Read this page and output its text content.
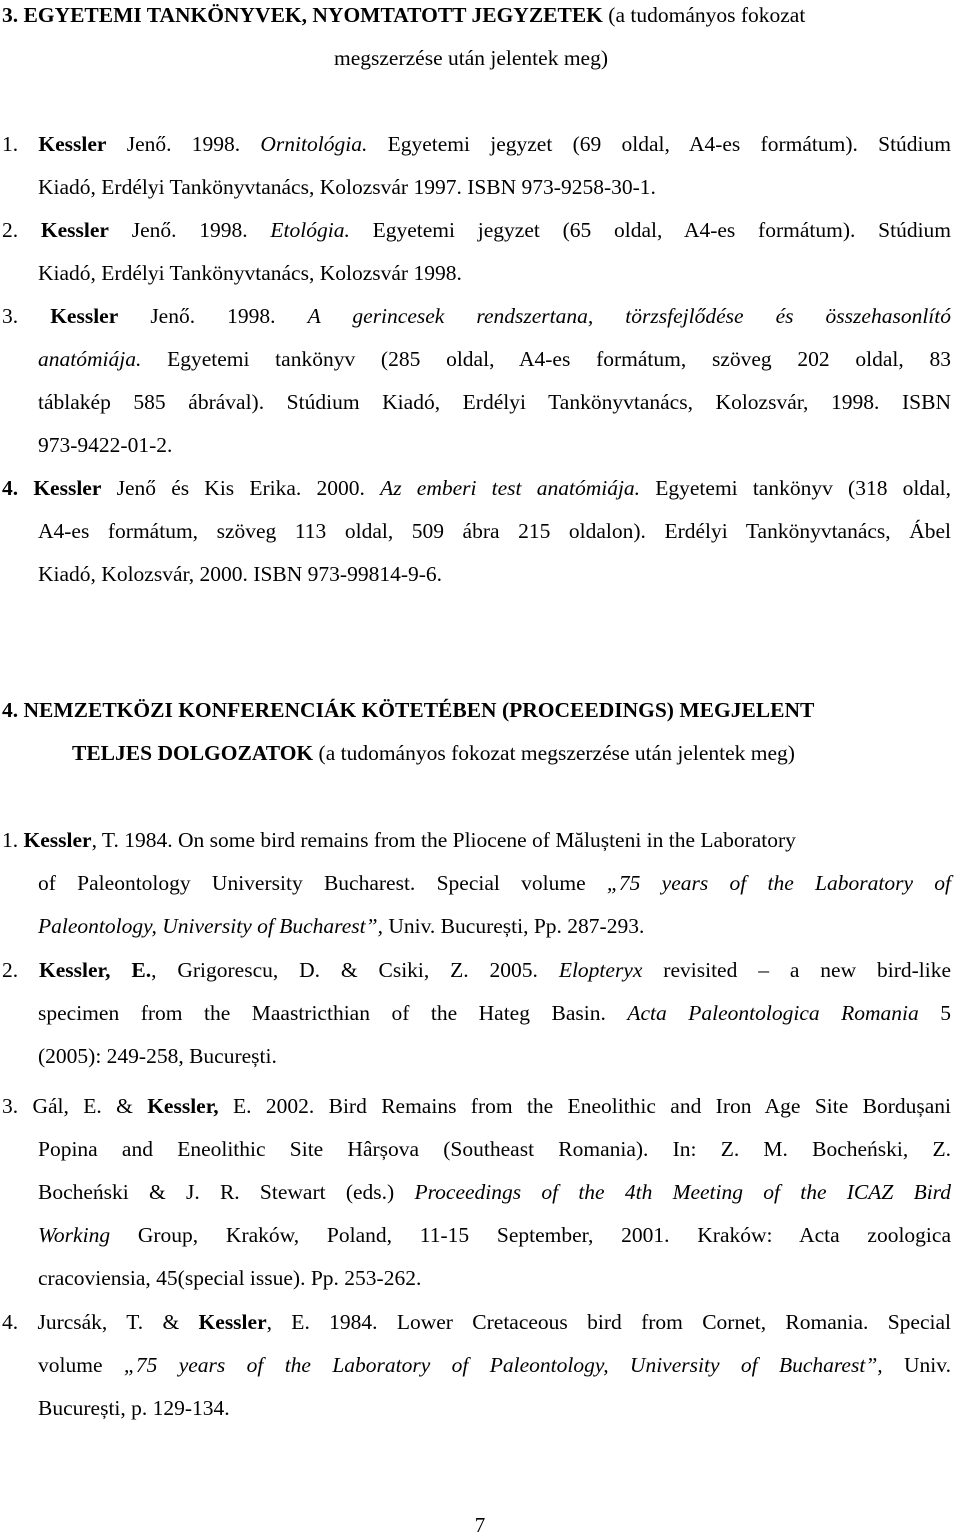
3. EGYETEMI TANKÖNYVEK, NYOMTATOTT JEGYZETEK (a tudományos fokozat
megszerzése után jelentek meg)
1. Kessler Jenő. 1998. Ornitológia. Egyetemi jegyzet (69 oldal, A4-es formátum). Stúdium
Kiadó, Erdélyi Tankönyvtanács, Kolozsvár 1997. ISBN 973-9258-30-1.
2. Kessler Jenő. 1998. Etológia. Egyetemi jegyzet (65 oldal, A4-es formátum). Stúdium
Kiadó, Erdélyi Tankönyvtanács, Kolozsvár 1998.
3. Kessler Jenő. 1998. A gerincesek rendszertana, törzsfejlődése és összehasonlító
anatómiája. Egyetemi tankönyv (285 oldal, A4-es formátum, szöveg 202 oldal, 83
táblakép 585 ábrával). Stúdium Kiadó, Erdélyi Tankönyvtanács, Kolozsvár, 1998. ISBN
973-9422-01-2.
4. Kessler Jenő és Kis Erika. 2000. Az emberi test anatómiája. Egyetemi tankönyv (318 oldal,
A4-es formátum, szöveg 113 oldal, 509 ábra 215 oldalon). Erdélyi Tankönyvtanács, Ábel
Kiadó, Kolozsvár, 2000. ISBN 973-99814-9-6.
4. NEMZETKÖZI KONFERENCIÁK KÖTETÉBEN (PROCEEDINGS) MEGJELENT
TELJES DOLGOZATOK (a tudományos fokozat megszerzése után jelentek meg)
1. Kessler, T. 1984. On some bird remains from the Pliocene of Mălușteni in the Laboratory
of Paleontology University Bucharest. Special volume „75 years of the Laboratory of
Paleontology, University of Bucharest”, Univ. București, Pp. 287-293.
2. Kessler, E., Grigorescu, D. & Csiki, Z. 2005. Elopteryx revisited – a new bird-like
specimen from the Maastricthian of the Hateg Basin. Acta Paleontologica Romania 5
(2005): 249-258, București.
3. Gál, E. & Kessler, E. 2002. Bird Remains from the Eneolithic and Iron Age Site Bordușani
Popina and Eneolithic Site Hârșova (Southeast Romania). In: Z. M. Bocheński, Z.
Bocheński & J. R. Stewart (eds.) Proceedings of the 4th Meeting of the ICAZ Bird
Working Group, Kraków, Poland, 11-15 September, 2001. Kraków: Acta zoologica
cracoviensia, 45(special issue). Pp. 253-262.
4. Jurcsák, T. & Kessler, E. 1984. Lower Cretaceous bird from Cornet, Romania. Special
volume „75 years of the Laboratory of Paleontology, University of Bucharest”, Univ.
București, p. 129-134.
7
